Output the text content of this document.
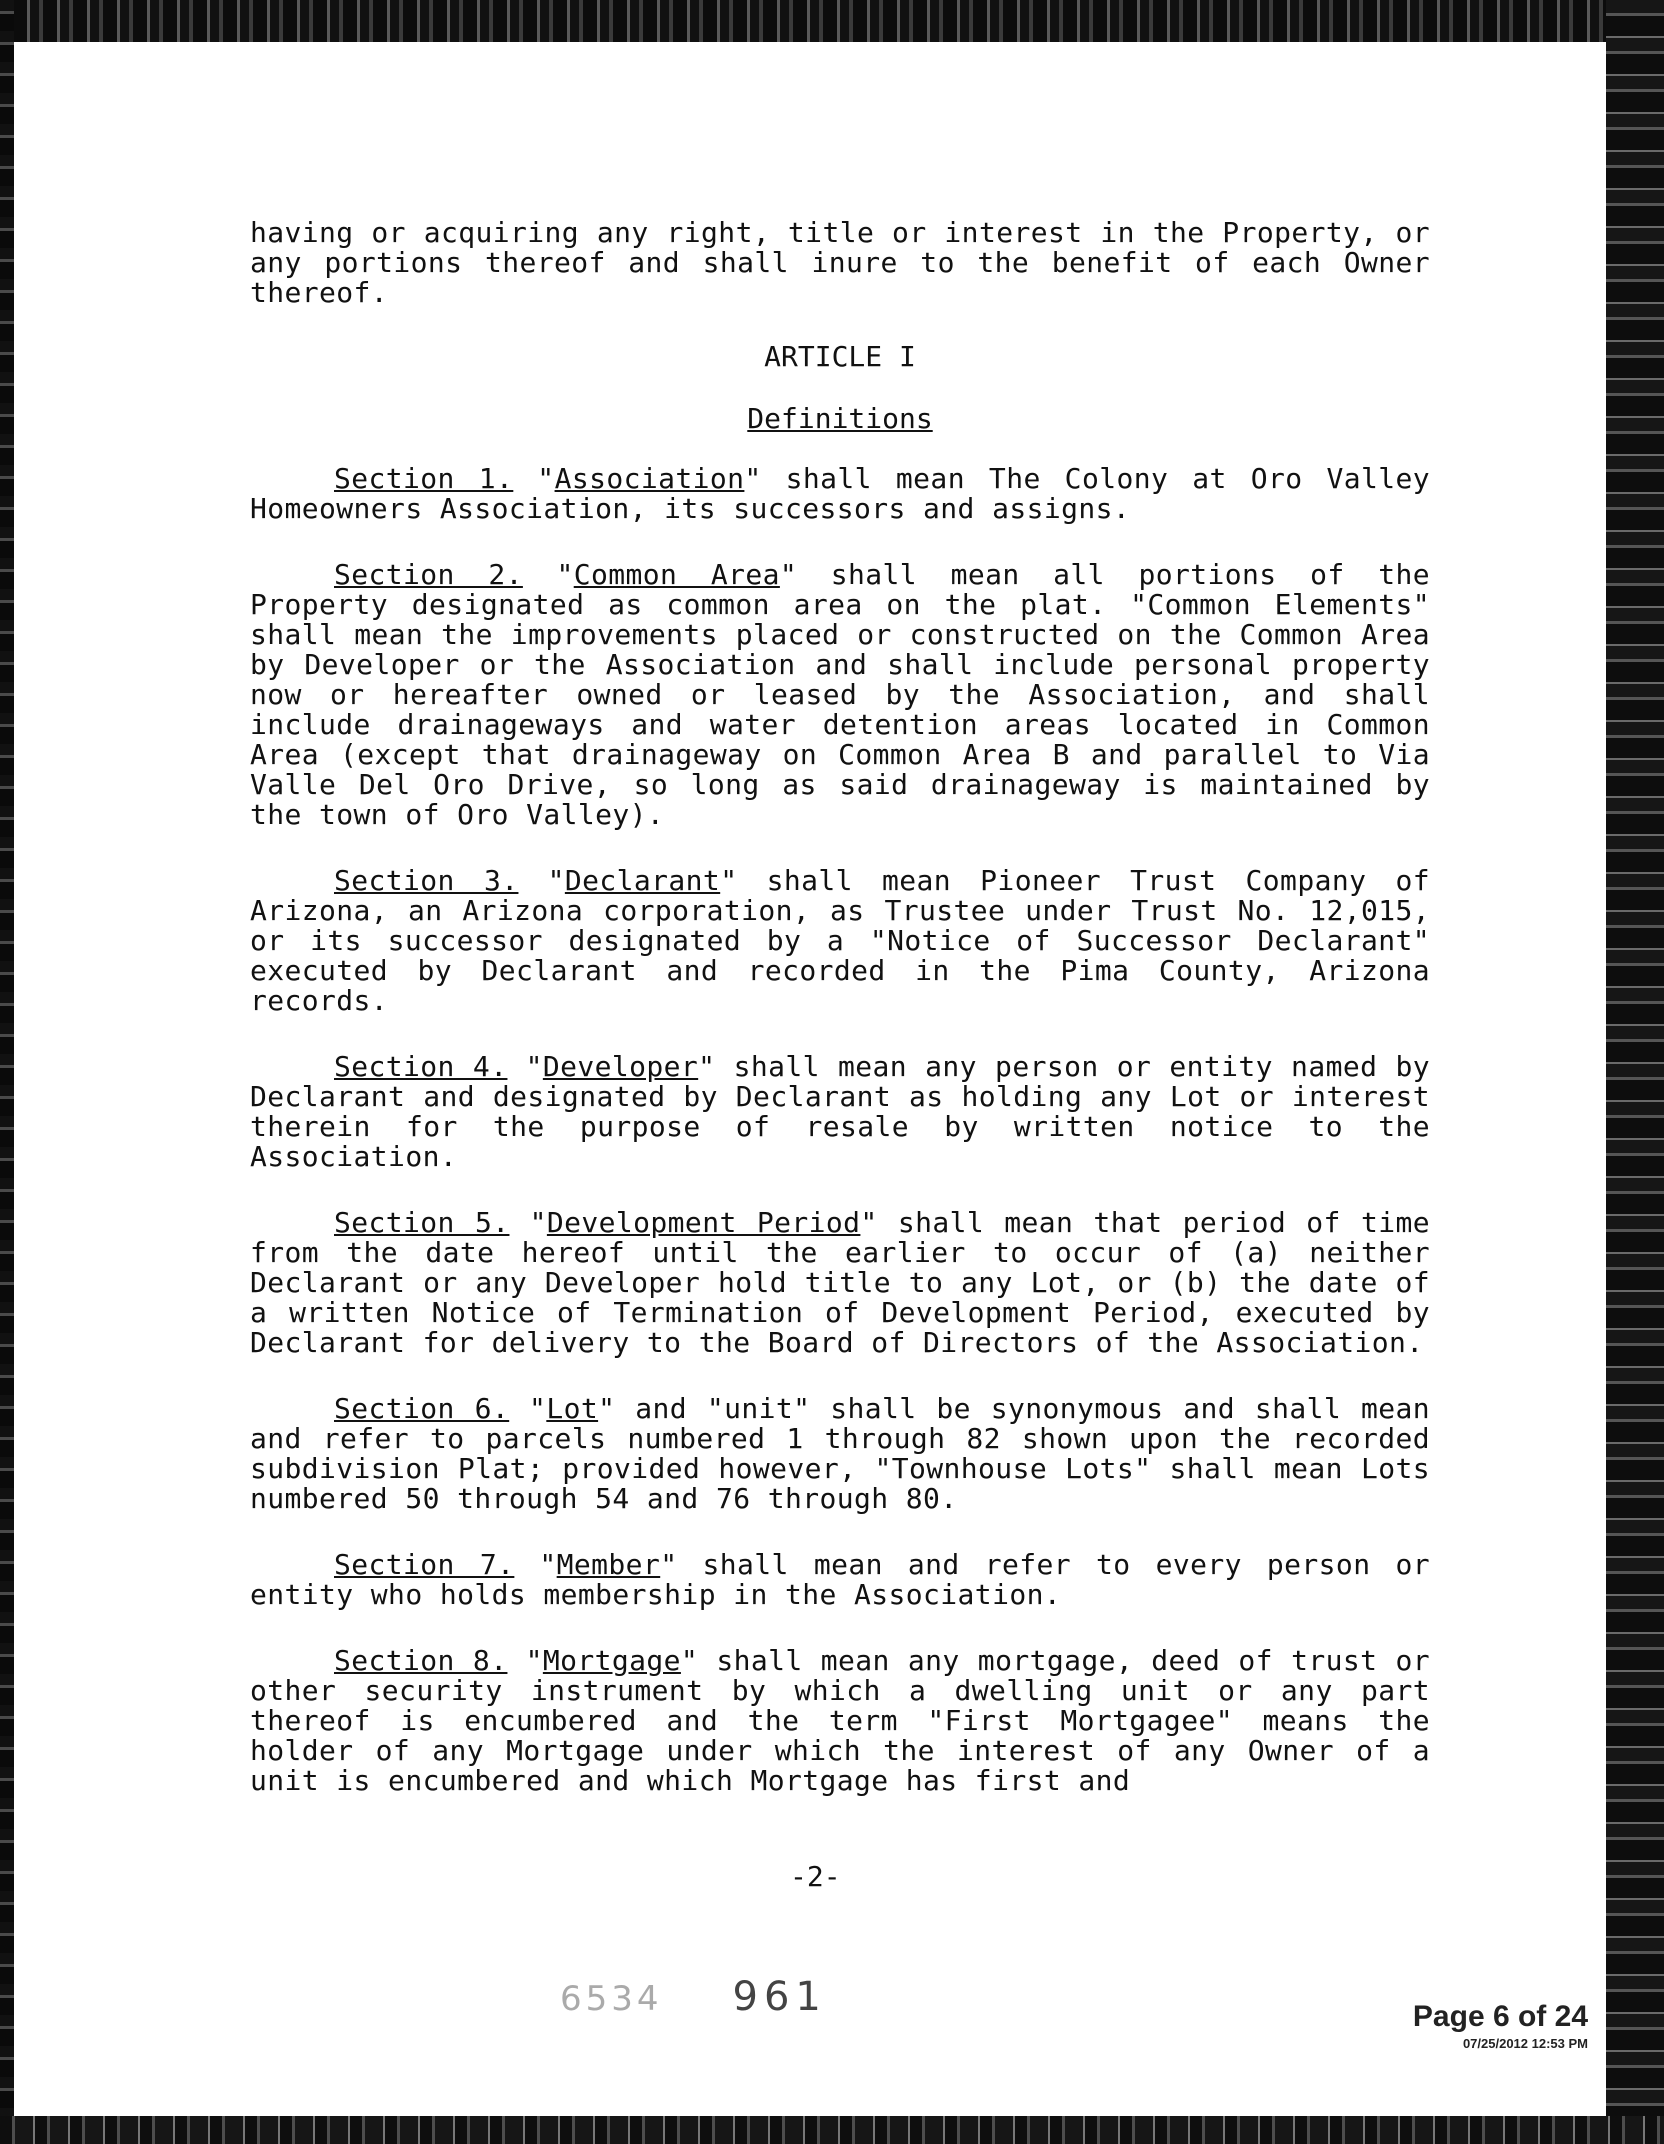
having or acquiring any right, title or interest in the Property, or any portions thereof and shall inure to the benefit of each Owner thereof.

ARTICLE I

Definitions

Section 1. "Association" shall mean The Colony at Oro Valley Homeowners Association, its successors and assigns.

Section 2. "Common Area" shall mean all portions of the Property designated as common area on the plat. "Common Elements" shall mean the improvements placed or constructed on the Common Area by Developer or the Association and shall include personal property now or hereafter owned or leased by the Association, and shall include drainageways and water detention areas located in Common Area (except that drainageway on Common Area B and parallel to Via Valle Del Oro Drive, so long as said drainageway is maintained by the town of Oro Valley).

Section 3. "Declarant" shall mean Pioneer Trust Company of Arizona, an Arizona corporation, as Trustee under Trust No. 12,015, or its successor designated by a "Notice of Successor Declarant" executed by Declarant and recorded in the Pima County, Arizona records.

Section 4. "Developer" shall mean any person or entity named by Declarant and designated by Declarant as holding any Lot or interest therein for the purpose of resale by written notice to the Association.

Section 5. "Development Period" shall mean that period of time from the date hereof until the earlier to occur of (a) neither Declarant or any Developer hold title to any Lot, or (b) the date of a written Notice of Termination of Development Period, executed by Declarant for delivery to the Board of Directors of the Association.

Section 6. "Lot" and "unit" shall be synonymous and shall mean and refer to parcels numbered 1 through 82 shown upon the recorded subdivision Plat; provided however, "Townhouse Lots" shall mean Lots numbered 50 through 54 and 76 through 80.

Section 7. "Member" shall mean and refer to every person or entity who holds membership in the Association.

Section 8. "Mortgage" shall mean any mortgage, deed of trust or other security instrument by which a dwelling unit or any part thereof is encumbered and the term "First Mortgagee" means the holder of any Mortgage under which the interest of any Owner of a unit is encumbered and which Mortgage has first and

-2-
6534 961	Page 6 of 24
07/25/2012 12:53 PM
